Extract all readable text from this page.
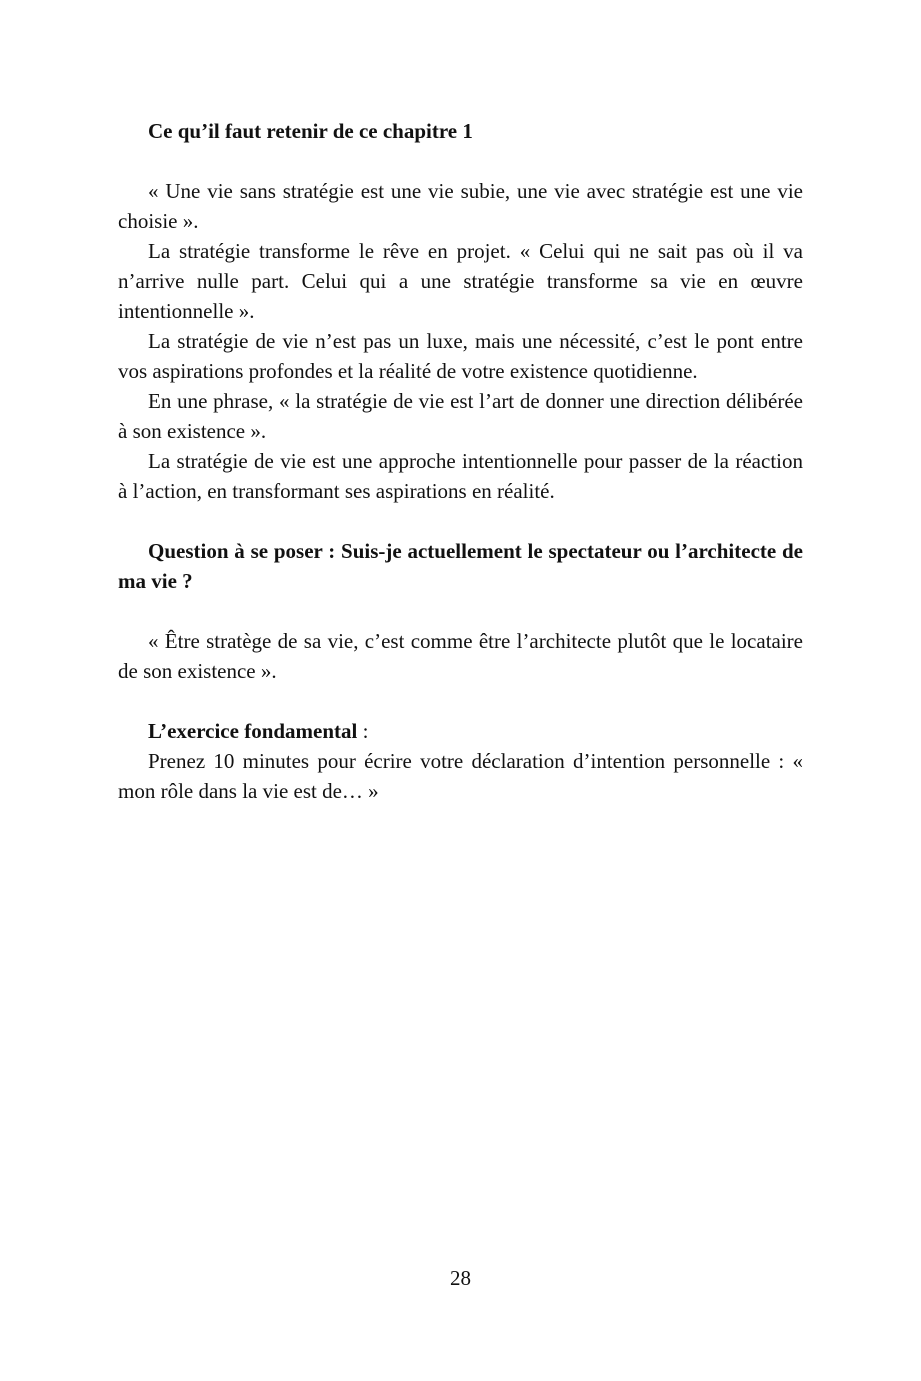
Ce qu’il faut retenir de ce chapitre 1

« Une vie sans stratégie est une vie subie, une vie avec stratégie est une vie choisie ».

La stratégie transforme le rêve en projet. « Celui qui ne sait pas où il va n’arrive nulle part. Celui qui a une stratégie transforme sa vie en œuvre intentionnelle ».

La stratégie de vie n’est pas un luxe, mais une nécessité, c’est le pont entre vos aspirations profondes et la réalité de votre existence quotidienne.

En une phrase, « la stratégie de vie est l’art de donner une direction délibérée à son existence ».

La stratégie de vie est une approche intentionnelle pour passer de la réaction à l’action, en transformant ses aspirations en réalité.

Question à se poser : Suis-je actuellement le spectateur ou l’architecte de ma vie ?

« Être stratège de sa vie, c’est comme être l’architecte plutôt que le locataire de son existence ».

L’exercice fondamental :

Prenez 10 minutes pour écrire votre déclaration d’intention personnelle : « mon rôle dans la vie est de… »

28
